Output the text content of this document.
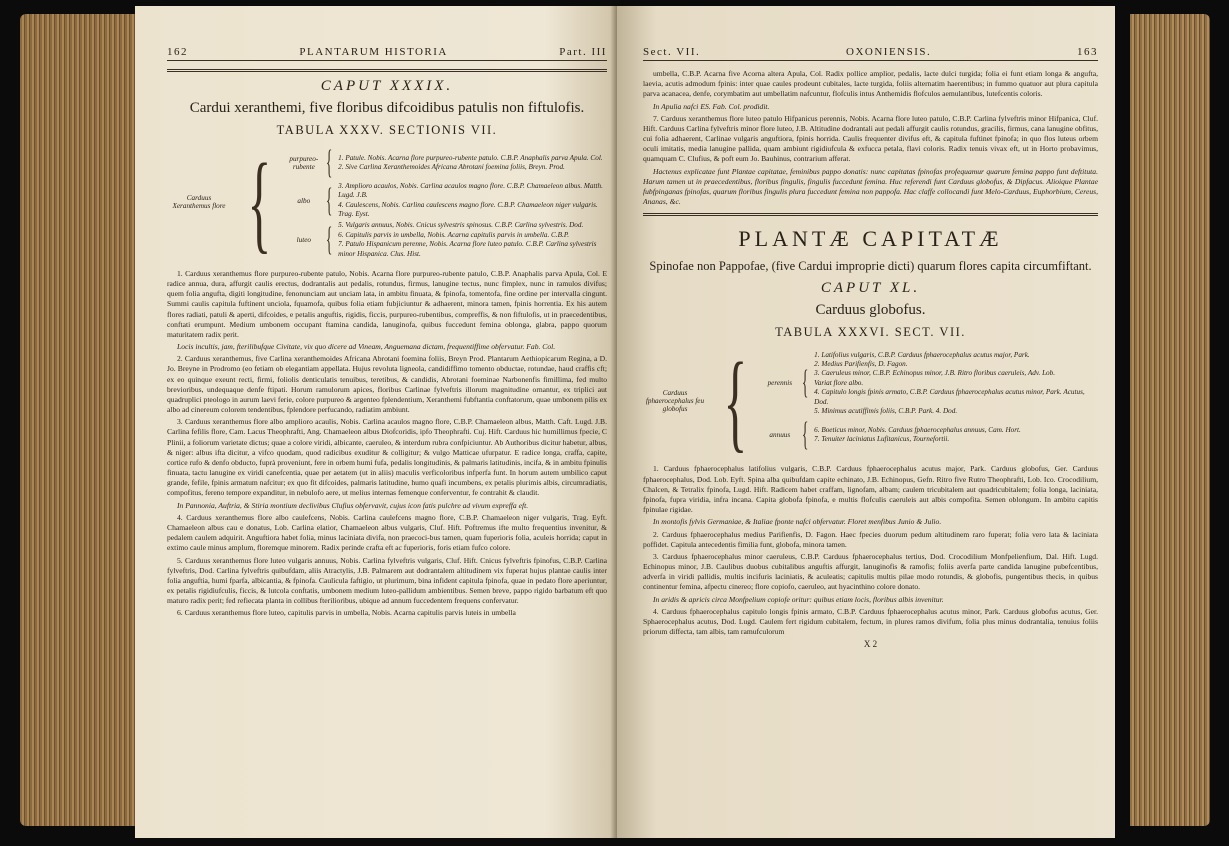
162	PLANTARUM HISTORIA	Part. III
CAPUT XXXIX.
Cardui xeranthemi, five floribus difcoidibus patulis non fiftulofis.
TABULA XXXV. SECTIONIS VII.
Carduus Xeranthemus flore {	purpureo-rubente { 1. Patule. Nobis. Acarna flore purpureo-rubente patulo. C.B.P. Anaphalis parva Apula. Col.
2. Sive Carlina Xeranthemoides Africana Abrotani foemina foliis, Breyn. Prod.
albo { 3. Amplioro acaulos, Nobis. Carlina acaulos magno flore. C.B.P. Chamaeleon albus. Matth. Lugd. J.B.
4. Caulescens, Nobis. Carlina caulescens magno flore. C.B.P. Chamaeleon niger vulgaris. Trag. Eyst.
luteo { 5. Vulgaris annuus, Nobis. Cnicus sylvestris spinosus. C.B.P. Carlina sylvestris. Dod.
6. Capitulis parvis in umbella, Nobis. Acarna capitulis parvis in umbella. C.B.P.
7. Patulo Hispanicum perenne, Nobis. Acarna flore luteo patulo. C.B.P. Carlina sylvestris minor Hispanica. Clus. Hist.

1. Carduus xeranthemus flore purpureo-rubente patulo, Nobis. Acarna flore purpureo-rubente patulo, C.B.P. Anaphalis parva Apula, Col. E radice annua, dura, affurgit caulis erectus, dodrantalis aut pedalis, rotundus, firmus, lanugine tectus, nunc fimplex, nunc in ramulos divifus; quem folia angufta, digiti longitudine, fenonunciam aut unciam lata, in ambitu finuata, & fpinofa, tomentofa, fine ordine per intervalla cingunt. Summi caulis capitula fuftinent unciola, fquamofa, quibus folia etiam fubjiciuntur & adhaerent, minora tamen, fpinis horrentia. Ex his autem flores radiati, patuli & aperti, difcoides, e petalis anguftis, rigidis, ficcis, purpureo-rubentibus, compreffis, & non fiftulofis, ut in praecedentibus, conftati erumpunt. Medium umbonem occupant ftamina candida, lanuginofa, quibus fuccedunt femina oblonga, glabra, pappo quorum maturitatem radix perit.

Locis incultis, jam, fterilibufque Civitate, vix quo dicere ad Vineam, Anguemana dictam, frequentiffime obfervatur. Fab. Col.

2. Carduus xeranthemus, five Carlina xeranthemoides Africana Abrotani foemina foliis, Breyn Prod. Plantarum Aethiopicarum Regina, a D. Jo. Breyne in Prodromo (eo fetiam ob elegantiam appellata. Hujus revoluta ligneola, candidiffimo tomento obductae, rotundae, haud craffis cft; ex eo quinque exeunt recti, firmi, foliolis denticulatis tenuibus, teretibus, & candidis, Abrotani foeminae Narbonenfis fimillima, fed multo brevioribus, undequaque denfe ftipati. Horum ramulorum apices, floribus Carlinae fylveftris illorum magnitudine ornantur, ex triplici aut quadruplici pteologo in aurum laevi ferie, colore purpureo & argenteo fplendentium, Xeranthemi fubftantia conftatorum, quae umbonem pilis ex albo ad cinereum colorem tendentibus, fplendore perfucando, radiatim ambiunt.

3. Carduus xeranthemus flore albo amplioro acaulis, Nobis. Carlina acaulos magno flore, C.B.P. Chamaeleon albus, Matth. Caft. Lugd. J.B. Carlina fefilis flore, Cam. Lacus Theophrafti, Ang. Chamaeleon albus Diofcoridis, ipfo Theophrafti. Cuj. Hift. Carduus hic humillimus fpecie, C Plinii, a foliorum varietate dictus; quae a colore viridi, albicante, caeruleo, & interdum rubra confpiciuntur. Ab Authoribus dicitur habetur, albus, & niger: albus ifta dicitur, a vifco quodam, quod radicibus exuditur & colligitur; & vulgo Matticae ufurpatur. E radice longa, craffa, capite, cortice rufo & denfo obducto, fuprà proveniunt, fere in orbem humi fufa, pedalis longitudinis, & palmaris latitudinis, incifa, & in ambitu fpinulis finuata, tactu lanugine ex viridi canefcentia, quae per aetatem (ut in aliis) maculis verficoloribus infperfa funt. In horum autem umbilico caput grande, fefile, fpinis armatum nafcitur; ex quo fit difcoides, palmaris latitudine, humo quafi incumbens, ex petalis plurimis albis, circumradiatis, compofitus, fereno tempore expanditur, in nebulofo aere, ut melius internas femenque conferventur, fe contrahit & claudit.

In Pannonia, Auftria, & Stiria montium declivibus Clufius obfervavit, cujus icon fatis pulchre ad vivum expreffa eft.

4. Carduus xeranthemus flore albo caulefcens, Nobis. Carlina caulefcens magno flore, C.B.P. Chamaeleon niger vulgaris, Trag. Eyft. Chamaeleon albus cau e donatus, Lob. Carlina elatior, Chamaeleon albus vulgaris, Cluf. Hift. Poftremus ifte multo frequentius invenitur, & pedalem caulem adquirit. Anguftiora habet folia, minus laciniata divifa, non praecoci-bus tamen, quam fuperioris folia, aculeis horrida; caput in extimo caule minus amplum, floremque minorem. Radix perinde crafta eft ac fuperioris, foris etiam fufco colore.

5. Carduus xeranthemus flore luteo vulgaris annuus, Nobis. Carlina fylveftris vulgaris, Cluf. Hift. Cnicus fylveftris fpinofus, C.B.P. Carlina fylveftris, Dod. Carlina fylveftris quibufdam, aliis Atractylis, J.B. Palmarem aut dodrantalem altitudinem vix fuperat hujus plantae caulis inter folia anguftia, humi fparfa, albicantia, & fpinofa. Caulicula faftigio, ut plurimum, bina infident capitula fpinofa, quae in pedato flore aperiuntur, ex petalis rigidiufculis, ficcis, & lutcola conftatis, umbonem medium luteo-pallidum ambientibus. Semen breve, pappo rigido barbatum eft quo maturo radix perit; fed refiecata planta in collibus fterilioribus, ubique ad annum fuccedentem frequens confervatur.

6. Carduus xeranthemus flore luteo, capitulis parvis in umbella, Nobis. Acarna capitulis parvis luteis in umbella

Sect. VII.	OXONIENSIS.	163

umbella, C.B.P. Acarna five Acorna altera Apula, Col. Radix pollice amplior, pedalis, lacte dulci turgida; folia ei funt etiam longa & angufta, laevia, acutis admodum fpinis: inter quae caules prodeunt cubitales, lacte turgida, foliis alternatim haerentibus; in fummo quatuor aut plura capitula parva acanacea, denfe, corymbatim aut umbellatim nafcuntur, flofculis intus Anthemidis flofculos aemulantibus, lutefcentis coloris.

In Apulia nafci ES. Fab. Col. prodidit.

7. Carduus xeranthemus flore luteo patulo Hifpanicus perennis, Nobis. Acarna flore luteo patulo, C.B.P. Carlina fylveftris minor Hifpanica, Cluf. Hift. Carduus Carlina fylveftris minor flore luteo, J.B. Altitudine dodrantali aut pedali affurgit caulis rotundus, gracilis, firmus, cana lanugine obfitus, cui folia adhaerent, Carlinae vulgaris anguftiora, fpinis horrida. Caulis frequenter divifus eft, & capitula fuftinet fpinofa; in quo flos luteus orbem oculi imitatis, media lanugine pallida, quam ambiunt rigidiufcula & exfucca petala, flavi coloris. Radix tenuis vivax eft, ut in Horto probavimus, quamquam C. Clufius, & poft eum Jo. Bauhinus, contrarium afferat.

Hactenus explicatae funt Plantae capitatae, feminibus pappo donatis: nunc capitatas fpinofas profequamur quarum femina pappo funt deftituta. Harum tamen ut in praecedentibus, floribus fingulis, fingulis fuccedunt femina. Huc referendi funt Carduus globofus, & Dipfacus. Alioique Plantae fubfpinganas fpinofas, quarum floribus fingulis plura fuccedunt femina non pappofa. Hac claffe collocandi funt Melo-Carduus, Euphorbium, Cereus, Ananas, &c.

PLANTÆ CAPITATÆ
Spinofae non Pappofae, (five Cardui improprie dicti) quarum flores capita circumfiftant.
CAPUT XL.
Carduus globofus.
TABULA XXXVI. SECT. VII.
Carduus fphaerocephalus feu globofus {	perennis {
1. Latifolius vulgaris, C.B.P. Carduus fphaerocephalus acutus major, Park.
2. Medius Parifienfis, D. Fagon.
3. Caeruleus minor, C.B.P. Echinopus minor, J.B. Ritro floribus caeruleis, Adv. Lob.
Variat flore albo.
4. Capitulo longis fpinis armato, C.B.P. Carduus fphaerocephalus acutus minor, Park. Acutus, Dod.
5. Minimus acutiffimis foliis, C.B.P. Park. 4. Dod.
annuus { 6. Boeticus minor, Nobis. Carduus fphaerocephalus annuus, Cam. Hort.
7. Tenuiter laciniatus Lufitanicus, Tournefortii.

1. Carduus fphaerocephalus latifolius vulgaris, C.B.P. Carduus fphaerocephalus acutus major, Park. Carduus globofus, Ger. Carduus fphaerocephalus, Dod. Lob. Eyft. Spina alba quibufdam capite echinato, J.B. Echinopus, Gefn. Ritro five Rutro Theophrafti, Lob. Ico. Crocodilium, Chalcen, & Tetralix fpinofa, Lugd. Hift. Radicem habet craffam, lignofam, albam; caulem tricubitalem aut quadricubitalem; folia longa, laciniata, fpinofa, fupra viridia, infra incana. Capita globofa fpinofa, e multis flofculis caeruleis aut albis compofita. Semen oblongum. In ambitu capitis fpinulae rigidae.

In montofis fylvis Germaniae, & Italiae fponte nafci obfervatur. Floret menfibus Junio & Julio.

2. Carduus fphaerocephalus medius Parifienfis, D. Fagon. Haec fpecies duorum pedum altitudinem raro fuperat; folia vero lata & laciniata poffidet. Capitula antecedentis fimilia funt, globofa, minora tamen.

3. Carduus fphaerocephalus minor caeruleus, C.B.P. Carduus fphaerocephalus tertius, Dod. Crocodilium Monfpelienfium, Dal. Hift. Lugd. Echinopus minor, J.B. Caulibus duobus cubitalibus anguftis affurgit, lanuginofis & ramofis; foliis averfa parte candida lanugine pubefcentibus, adverfa in viridi pallidis, multis incifuris laciniatis, & aculeatis; capitulis multis pilae modo rotundis, & globofis, pungentibus thecis, in quibus continentur femina, afpectu cinereo; flore copiofo, caeruleo, aut hyacinthino colore donato.

In aridis & apricis circa Monfpelium copiofe oritur: quibus etiam locis, floribus albis invenitur.

4. Carduus fphaerocephalus capitulo longis fpinis armato, C.B.P. Carduus fphaerocephalus acutus minor, Park. Carduus globofus acutus, Ger. Sphaerocephalus acutus, Dod. Lugd. Caulem fert rigidum cubitalem, fectum, in plures ramos divifum, folia plus minus dodrantalia, tenuius foliis priorum diffecta, tam albis, tam ramufculorum

X 2
